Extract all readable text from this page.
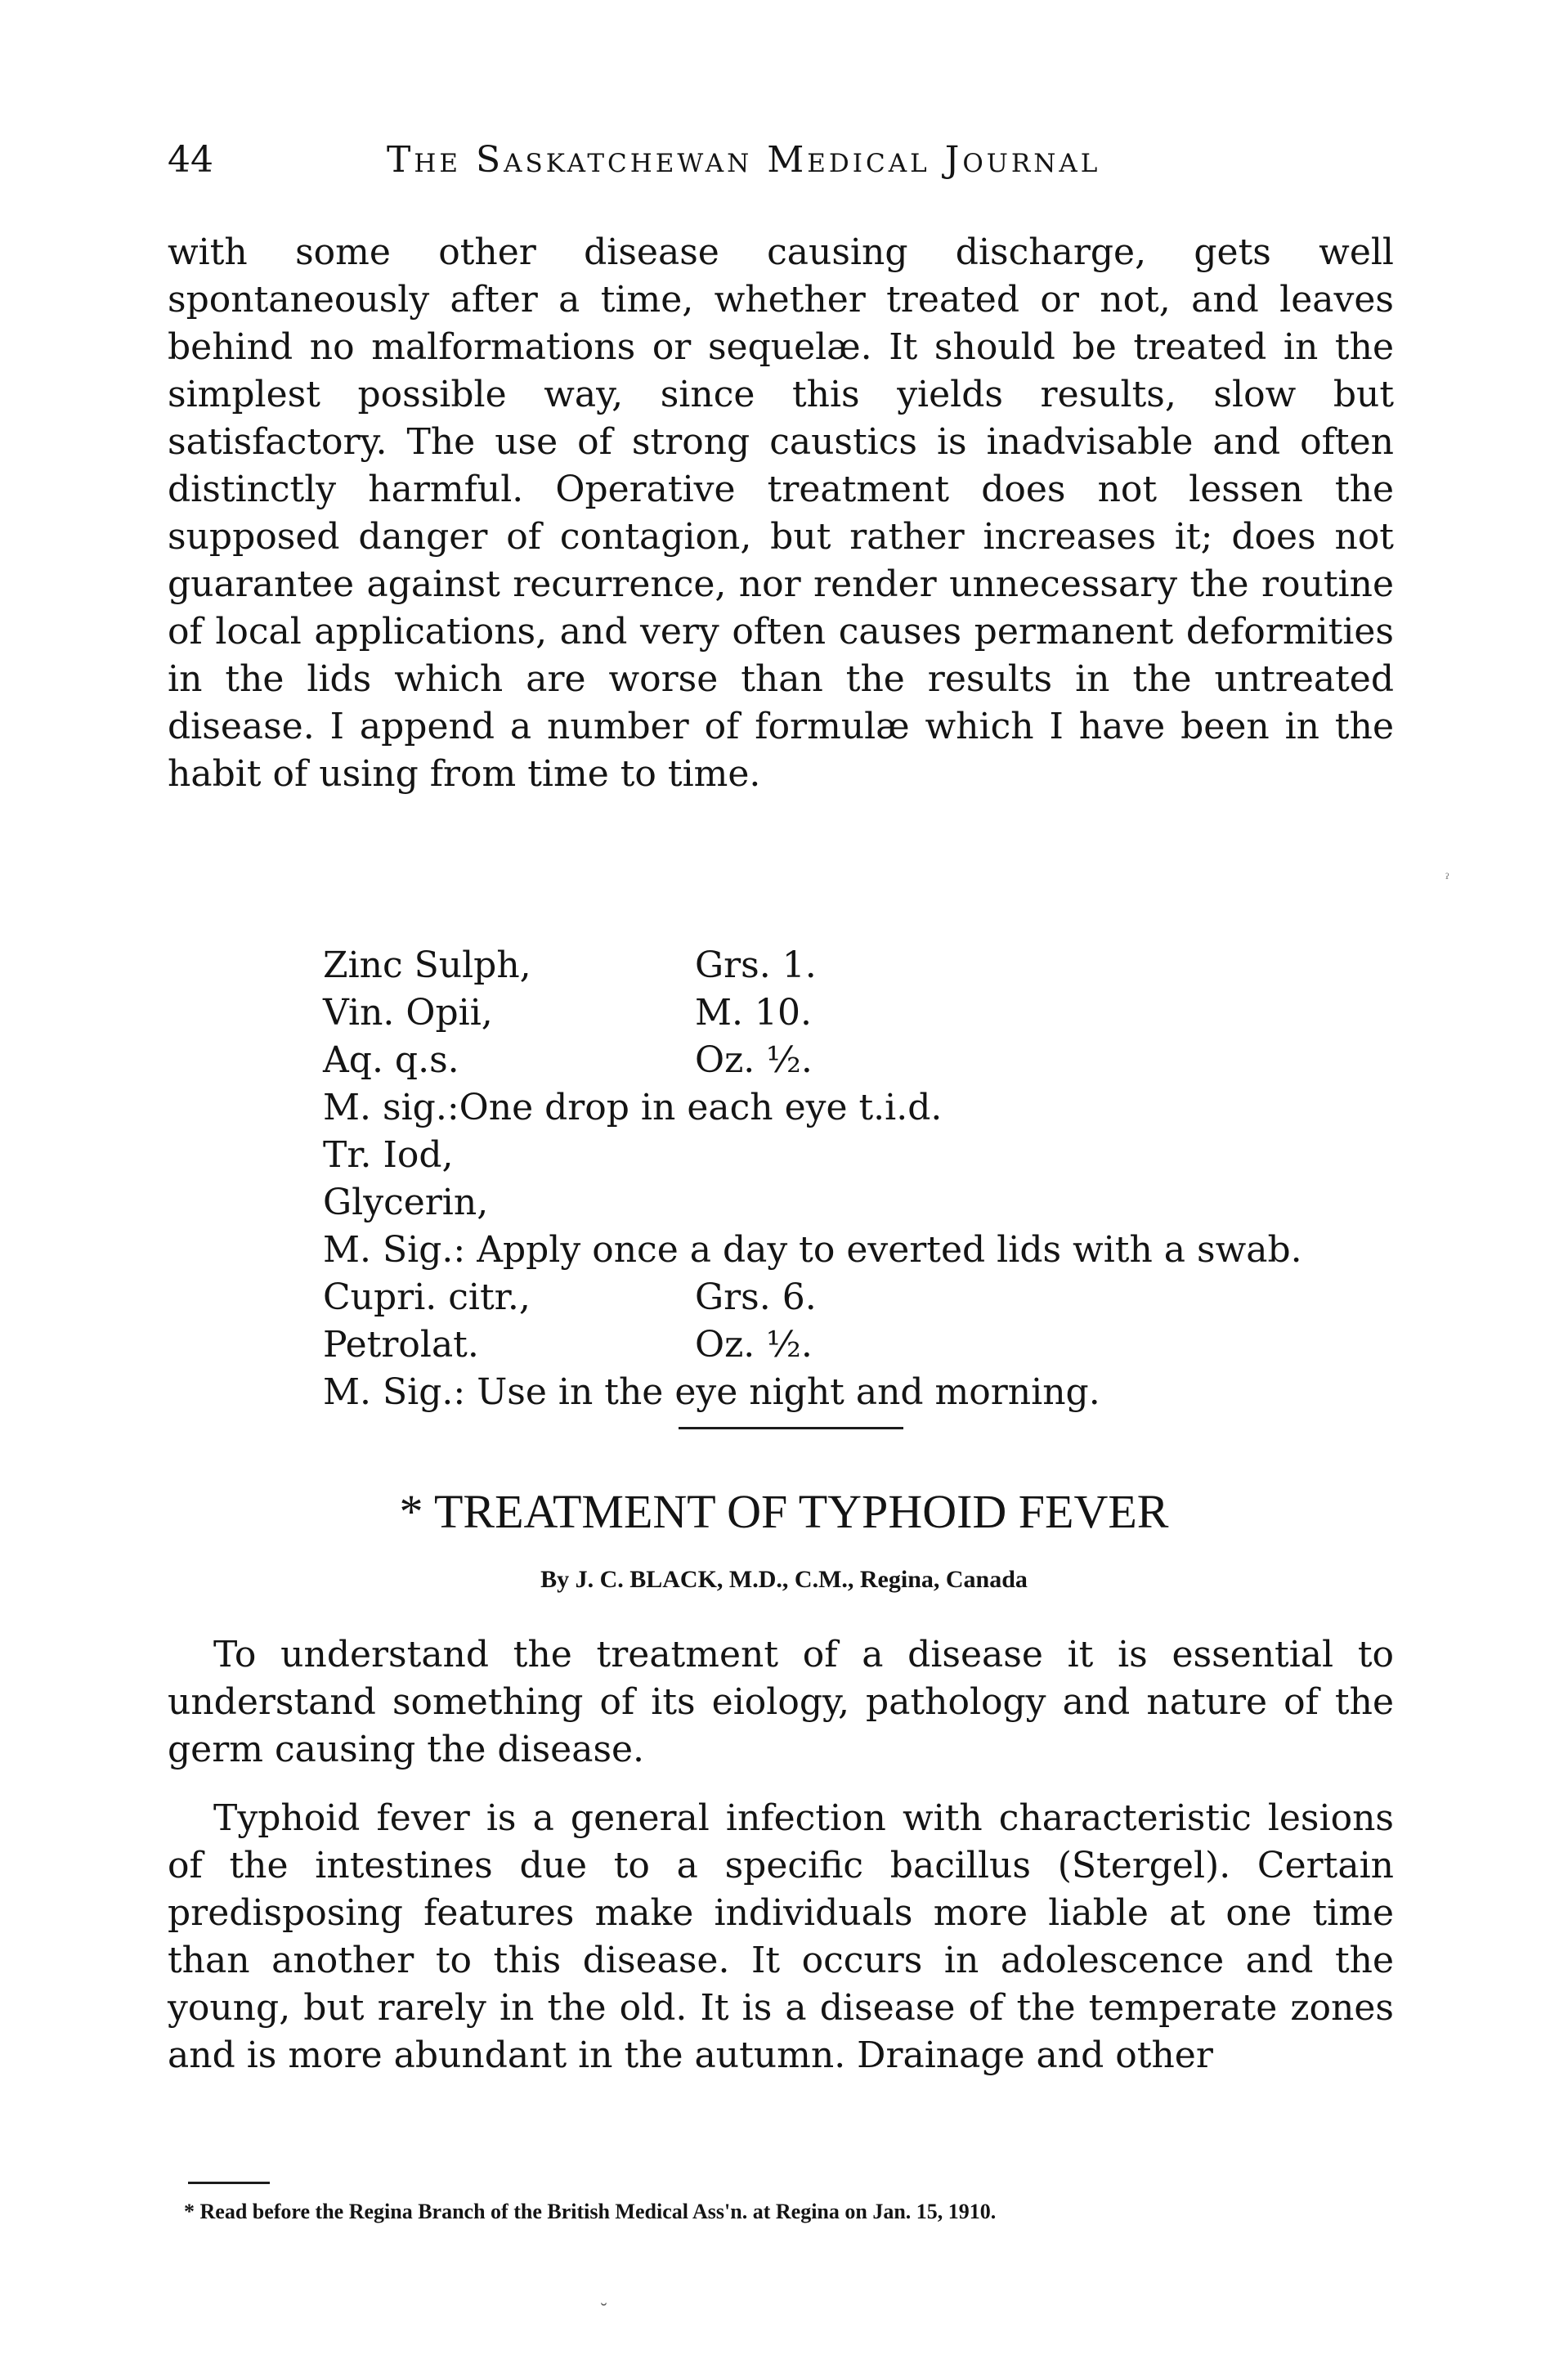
44	The Saskatchewan Medical Journal
with some other disease causing discharge, gets well spontaneously after a time, whether treated or not, and leaves behind no malformations or sequelæ. It should be treated in the simplest possible way, since this yields results, slow but satisfactory. The use of strong caustics is inadvisable and often distinctly harmful. Operative treatment does not lessen the supposed danger of contagion, but rather increases it; does not guarantee against recurrence, nor render unnecessary the routine of local applications, and very often causes permanent deformities in the lids which are worse than the results in the untreated disease. I append a number of formulæ which I have been in the habit of using from time to time.
Zinc Sulph,	Grs. 1.
Vin. Opii,	M. 10.
Aq. q.s.	Oz. ½.
M. sig.:One drop in each eye t.i.d.
Tr. Iod,
Glycerin,
M. Sig.: Apply once a day to everted lids with a swab.
Cupri. citr.,	Grs. 6.
Petrolat.	Oz. ½.
M. Sig.: Use in the eye night and morning.
* TREATMENT OF TYPHOID FEVER
By J. C. BLACK, M.D., C.M., Regina, Canada
To understand the treatment of a disease it is essential to understand something of its eiology, pathology and nature of the germ causing the disease.
Typhoid fever is a general infection with characteristic lesions of the intestines due to a specific bacillus (Stergel). Certain predisposing features make individuals more liable at one time than another to this disease. It occurs in adolescence and the young, but rarely in the old. It is a disease of the temperate zones and is more abundant in the autumn. Drainage and other
* Read before the Regina Branch of the British Medical Ass'n. at Regina on Jan. 15, 1910.
ˀ
˘
